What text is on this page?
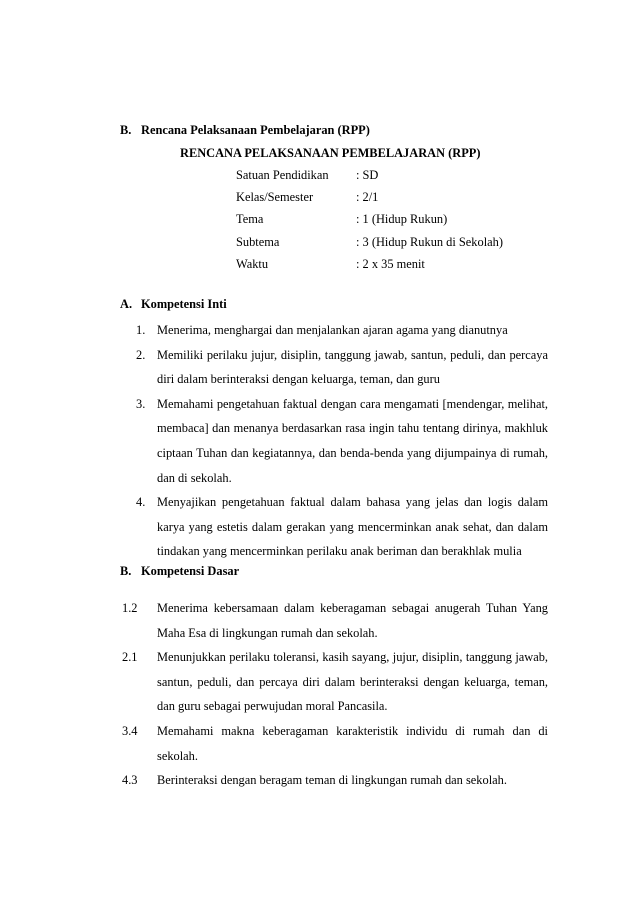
B. Rencana Pelaksanaan Pembelajaran (RPP)
RENCANA PELAKSANAAN PEMBELAJARAN (RPP)
Satuan Pendidikan : SD
Kelas/Semester	: 2/1
Tema	: 1 (Hidup Rukun)
Subtema	: 3 (Hidup Rukun di Sekolah)
Waktu	: 2 x 35 menit
A. Kompetensi Inti
1. Menerima, menghargai dan menjalankan ajaran agama yang dianutnya
2. Memiliki perilaku jujur, disiplin, tanggung jawab, santun, peduli, dan percaya diri dalam berinteraksi dengan keluarga, teman, dan guru
3. Memahami pengetahuan faktual dengan cara mengamati [mendengar, melihat, membaca] dan menanya berdasarkan rasa ingin tahu tentang dirinya, makhluk ciptaan Tuhan dan kegiatannya, dan benda-benda yang dijumpainya di rumah, dan di sekolah.
4. Menyajikan pengetahuan faktual dalam bahasa yang jelas dan logis dalam karya yang estetis dalam gerakan yang mencerminkan anak sehat, dan dalam tindakan yang mencerminkan perilaku anak beriman dan berakhlak mulia
B. Kompetensi Dasar
1.2 Menerima kebersamaan dalam keberagaman sebagai anugerah Tuhan Yang Maha Esa di lingkungan rumah dan sekolah.
2.1 Menunjukkan perilaku toleransi, kasih sayang, jujur, disiplin, tanggung jawab, santun, peduli, dan percaya diri dalam berinteraksi dengan keluarga, teman, dan guru sebagai perwujudan moral Pancasila.
3.4 Memahami makna keberagaman karakteristik individu di rumah dan di sekolah.
4.3 Berinteraksi dengan beragam teman di lingkungan rumah dan sekolah.
